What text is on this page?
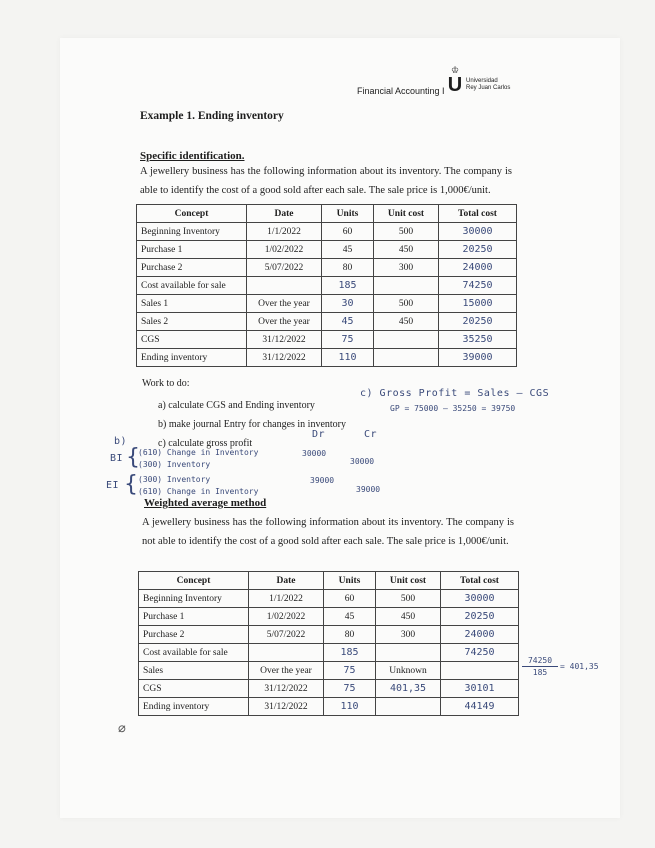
Financial Accounting I
♔
U Universidad
Rey Juan Carlos
Example 1. Ending inventory
Specific identification.
A jewellery business has the following information about its inventory. The company is able to identify the cost of a good sold after each sale. The sale price is 1,000€/unit.
Concept	Date	Units	Unit cost	Total cost
Beginning Inventory	1/1/2022	60	500	30000
Purchase 1	1/02/2022	45	450	20250
Purchase 2	5/07/2022	80	300	24000
Cost available for sale		185		74250
Sales 1	Over the year	30	500	15000
Sales 2	Over the year	45	450	20250
CGS	31/12/2022	75		35250
Ending inventory	31/12/2022	110		39000
Work to do:
a) calculate CGS and Ending inventory
b) make journal Entry for changes in inventory
c) calculate gross profit
c) Gross Profit = Sales – CGS
GP = 75000 – 35250 = 39750
b)
Dr	Cr
BI {
(610) Change in Inventory
(300) Inventory
30000
30000
EI { (300) Inventory
(610) Change in Inventory
39000
39000
Weighted average method
A jewellery business has the following information about its inventory. The company is not able to identify the cost of a good sold after each sale. The sale price is 1,000€/unit.
Concept	Date	Units	Unit cost	Total cost
Beginning Inventory	1/1/2022	60	500	30000
Purchase 1	1/02/2022	45	450	20250
Purchase 2	5/07/2022	80	300	24000
Cost available for sale		185		74250
Sales	Over the year	75	Unknown	
CGS	31/12/2022	75	401,35	30101
Ending inventory	31/12/2022	110		44149
74250
185
= 401,35
⌀
